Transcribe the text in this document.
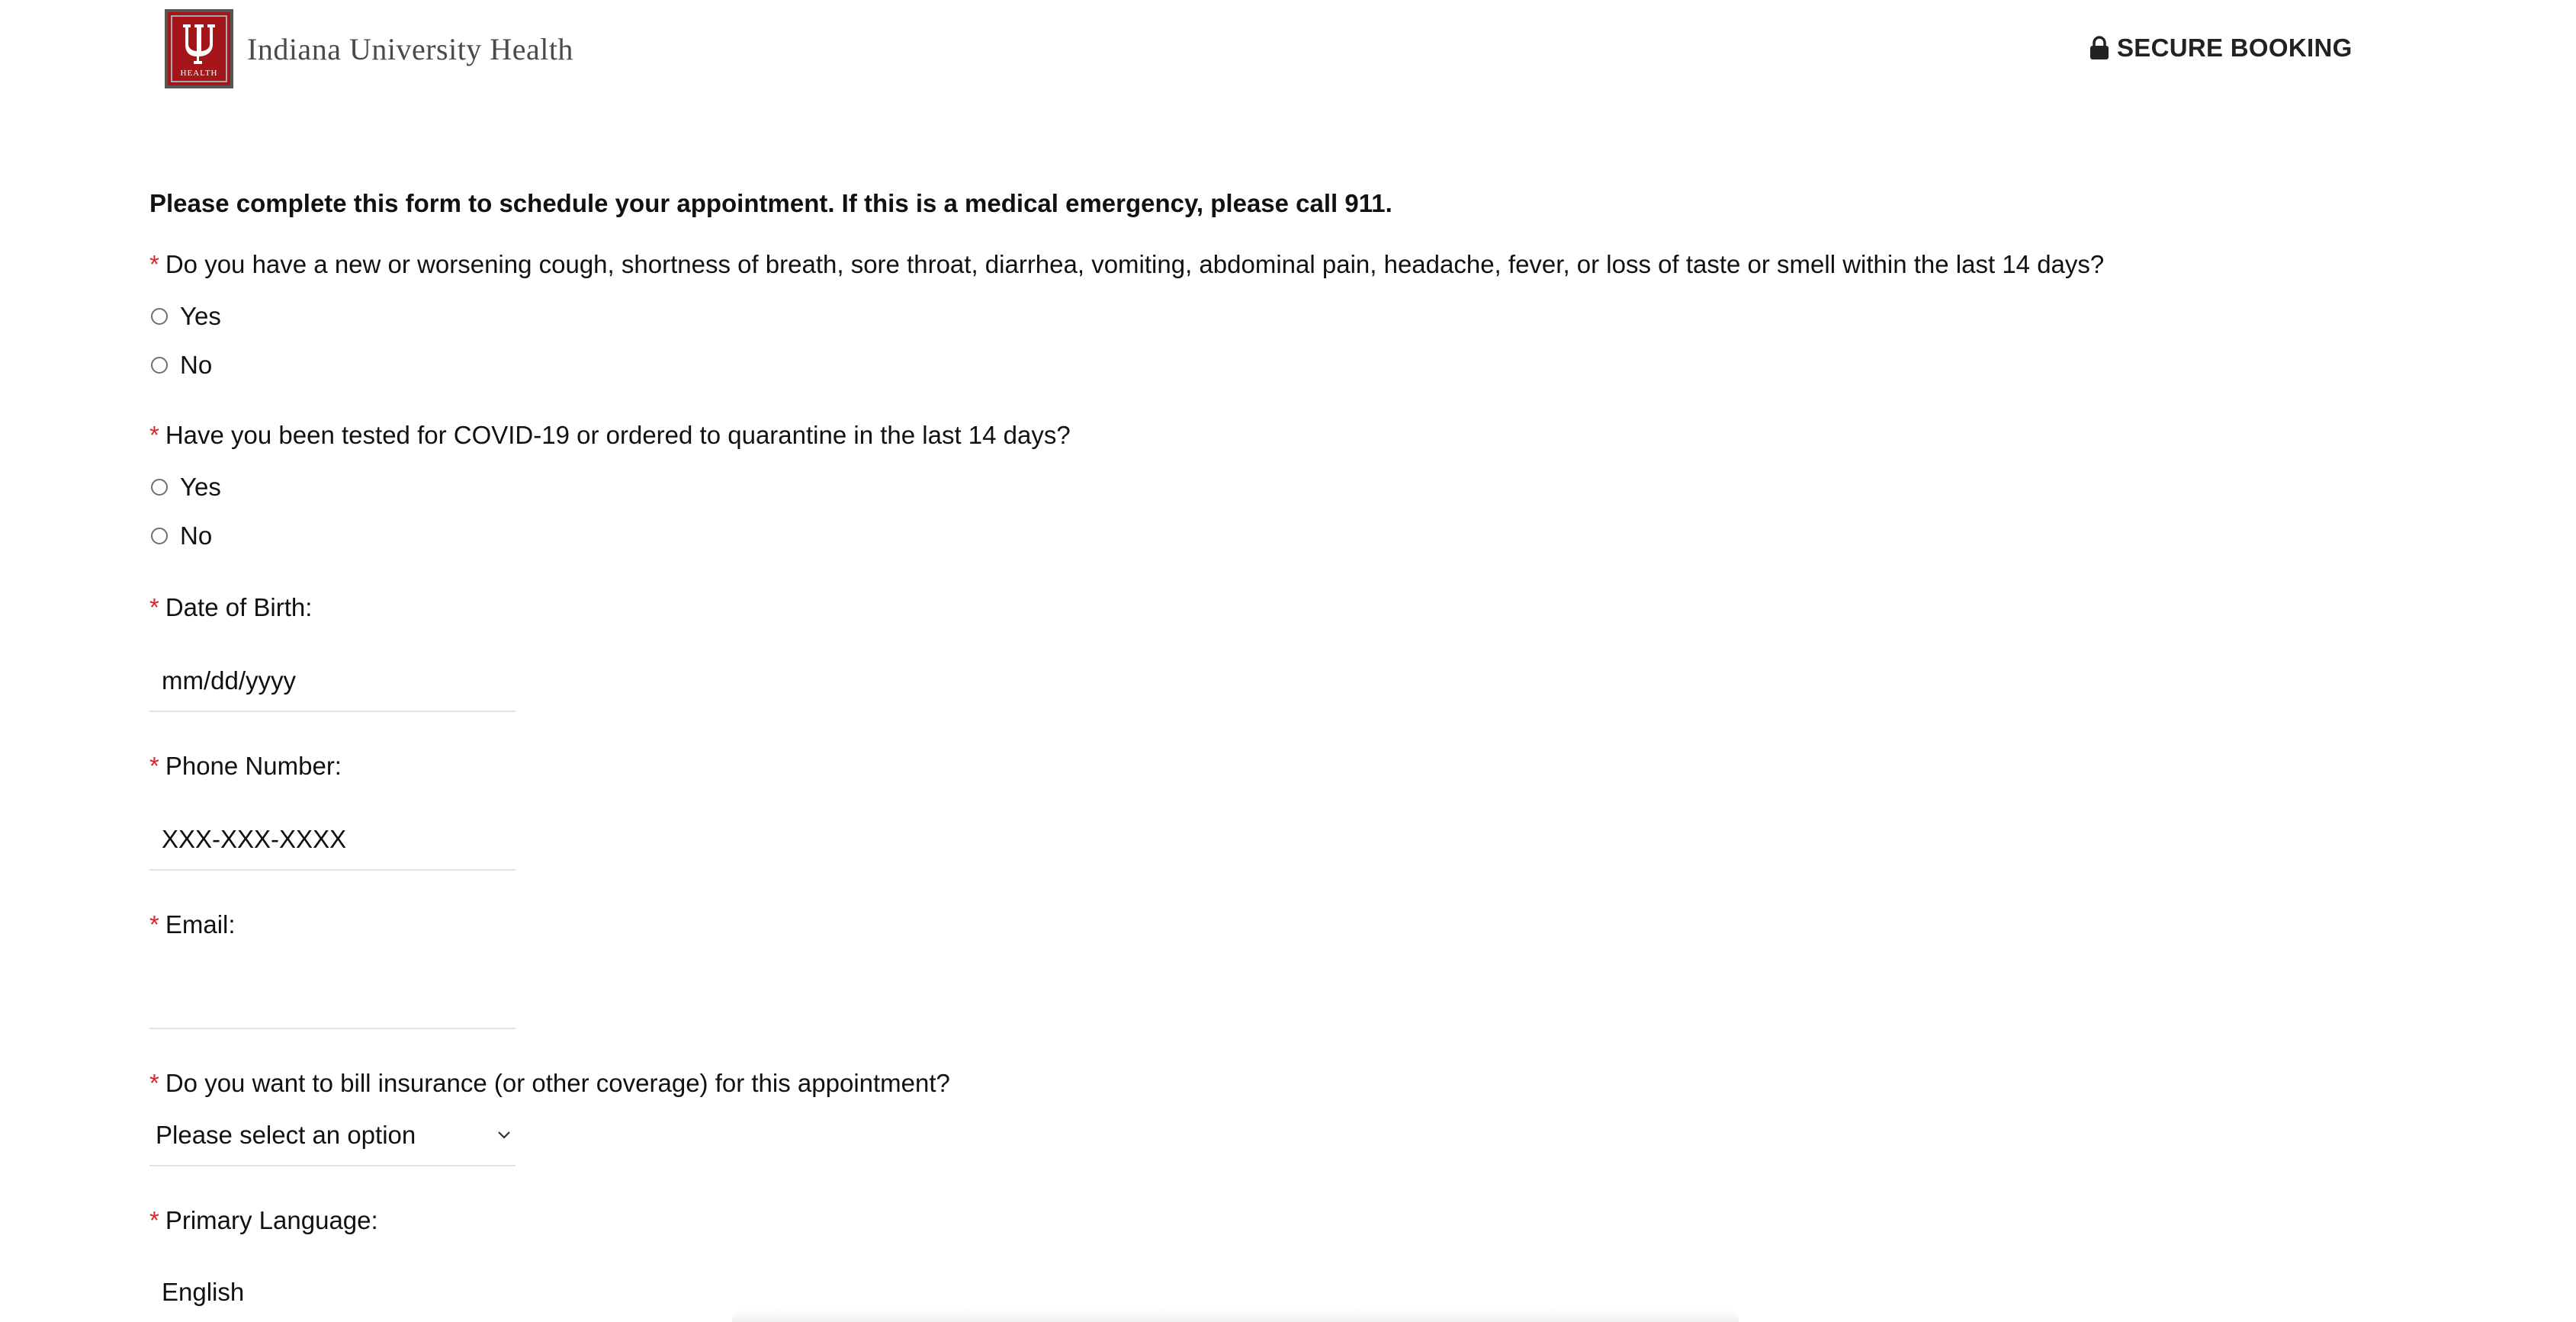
HEALTH
Indiana University Health	SECURE BOOKING
Please complete this form to schedule your appointment. If this is a medical emergency, please call 911.
* Do you have a new or worsening cough, shortness of breath, sore throat, diarrhea, vomiting, abdominal pain, headache, fever, or loss of taste or smell within the last 14 days?
Yes
No
* Have you been tested for COVID-19 or ordered to quarantine in the last 14 days?
Yes
No
* Date of Birth:
mm/dd/yyyy
* Phone Number:
XXX-XXX-XXXX
* Email:
* Do you want to bill insurance (or other coverage) for this appointment?
Please select an option
* Primary Language:
English
